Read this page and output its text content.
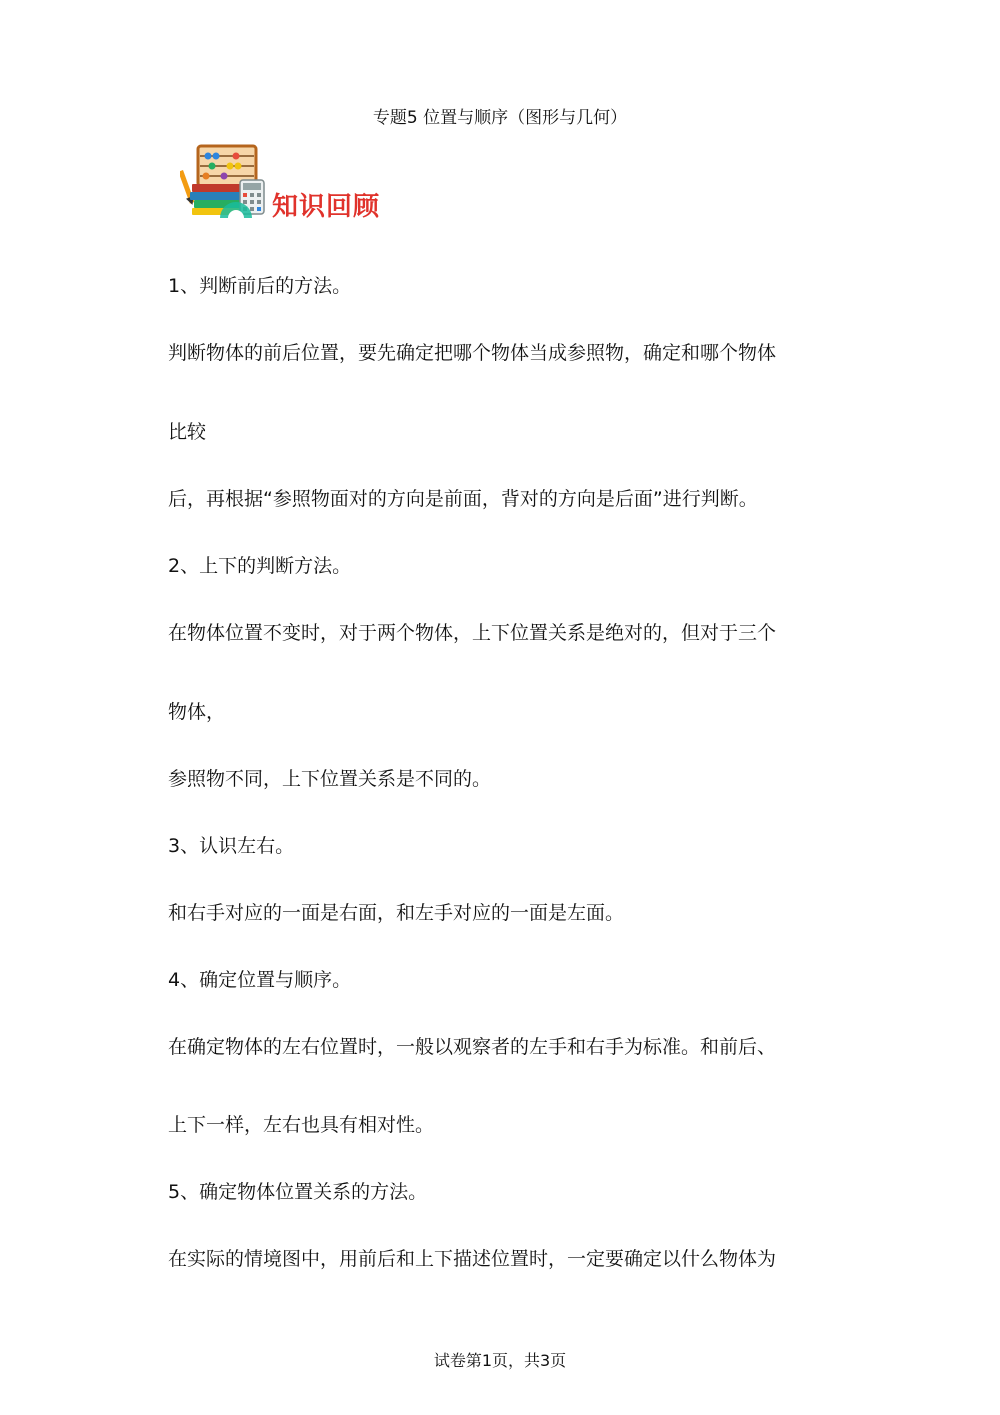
专题5 位置与顺序（图形与几何）
知识回顾
1、判断前后的方法。
判断物体的前后位置，要先确定把哪个物体当成参照物，确定和哪个物体
比较
后，再根据“参照物面对的方向是前面，背对的方向是后面”进行判断。
2、上下的判断方法。
在物体位置不变时，对于两个物体，上下位置关系是绝对的，但对于三个
物体，
参照物不同，上下位置关系是不同的。
3、认识左右。
和右手对应的一面是右面，和左手对应的一面是左面。
4、确定位置与顺序。
在确定物体的左右位置时，一般以观察者的左手和右手为标准。和前后、
上下一样，左右也具有相对性。
5、确定物体位置关系的方法。
在实际的情境图中，用前后和上下描述位置时，一定要确定以什么物体为
试卷第1页，共3页
